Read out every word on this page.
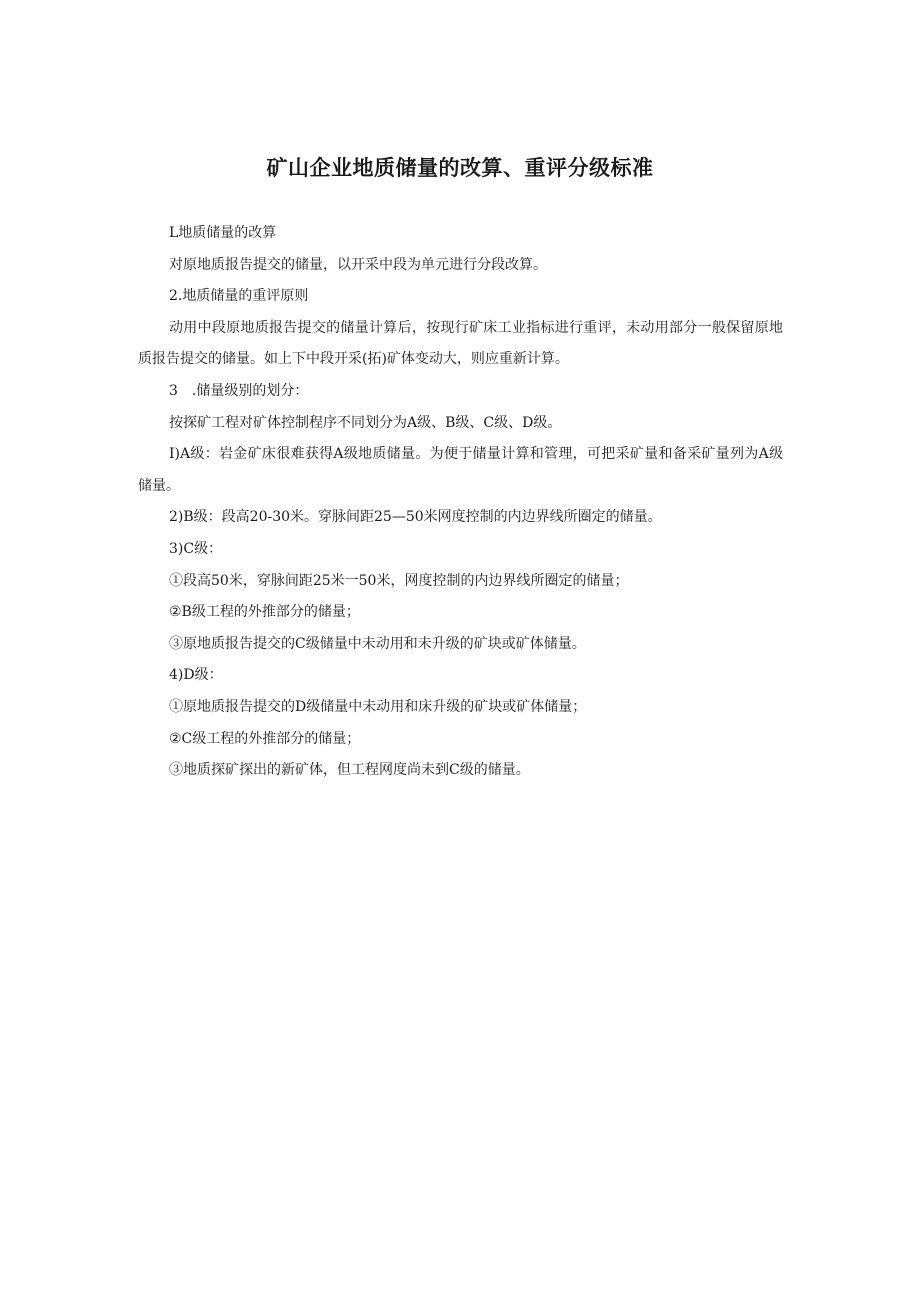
矿山企业地质储量的改算、重评分级标准

L地质储量的改算

对原地质报告提交的储量，以开采中段为单元进行分段改算。

2.地质储量的重评原则

动用中段原地质报告提交的储量计算后，按现行矿床工业指标进行重评，未动用部分一般保留原地质报告提交的储量。如上下中段开采(拓)矿体变动大，则应重新计算。

3　.储量级别的划分：

按探矿工程对矿体控制程序不同划分为A级、B级、C级、D级。

I)A级：岩金矿床很难获得A级地质储量。为便于储量计算和管理，可把采矿量和备采矿量列为A级储量。

2)B级：段高20-30米。穿脉间距25—50米网度控制的内边界线所圈定的储量。

3)C级：

①段高50米，穿脉间距25米一50米，网度控制的内边界线所圈定的储量；

②B级工程的外推部分的储量；

③原地质报告提交的C级储量中未动用和未升级的矿块或矿体储量。

4)D级：

①原地质报告提交的D级储量中未动用和床升级的矿块或矿体储量；

②C级工程的外推部分的储量；

③地质探矿探出的新矿体，但工程网度尚未到C级的储量。
